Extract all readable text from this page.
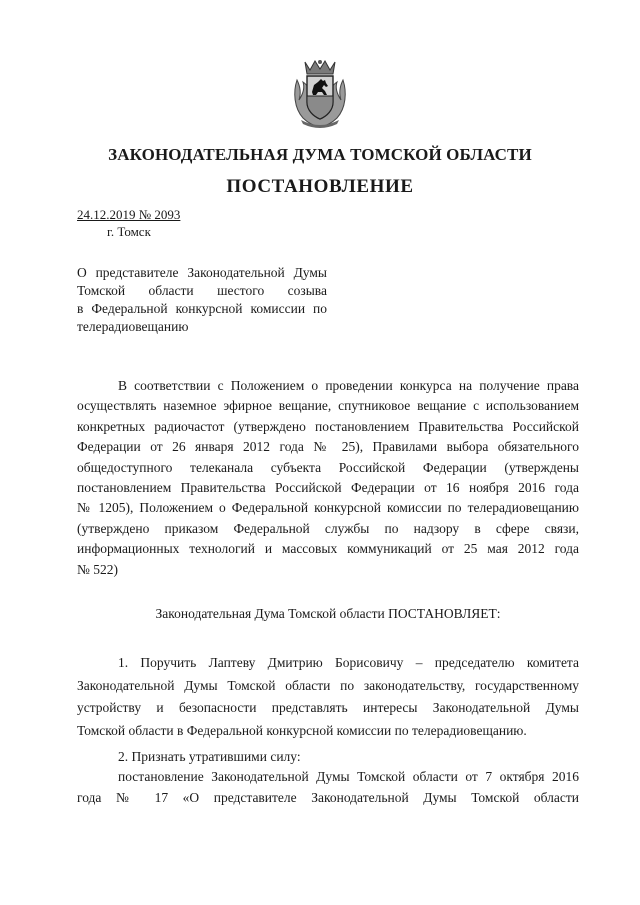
ЗАКОНОДАТЕЛЬНАЯ ДУМА ТОМСКОЙ ОБЛАСТИ
ПОСТАНОВЛЕНИЕ
24.12.2019 № 2093
г. Томск
О представителе Законодательной Думы
Томской области шестого созыва
в Федеральной конкурсной комиссии по
телерадиовещанию
В соответствии с Положением о проведении конкурса на получение права
осуществлять наземное эфирное вещание, спутниковое вещание с использованием
конкретных радиочастот (утверждено постановлением Правительства Российской
Федерации от 26 января 2012 года № 25), Правилами выбора обязательного
общедоступного телеканала субъекта Российской Федерации (утверждены
постановлением Правительства Российской Федерации от 16 ноября 2016 года
№ 1205), Положением о Федеральной конкурсной комиссии по телерадиовещанию
(утверждено приказом Федеральной службы по надзору в сфере связи,
информационных технологий и массовых коммуникаций от 25 мая 2012 года
№ 522)
Законодательная Дума Томской области ПОСТАНОВЛЯЕТ:
1. Поручить Лаптеву Дмитрию Борисовичу – председателю комитета
Законодательной Думы Томской области по законодательству, государственному
устройству и безопасности представлять интересы Законодательной Думы
Томской области в Федеральной конкурсной комиссии по телерадиовещанию.
2. Признать утратившими силу:
постановление Законодательной Думы Томской области от 7 октября 2016
года № 17 «О представителе Законодательной Думы Томской области
